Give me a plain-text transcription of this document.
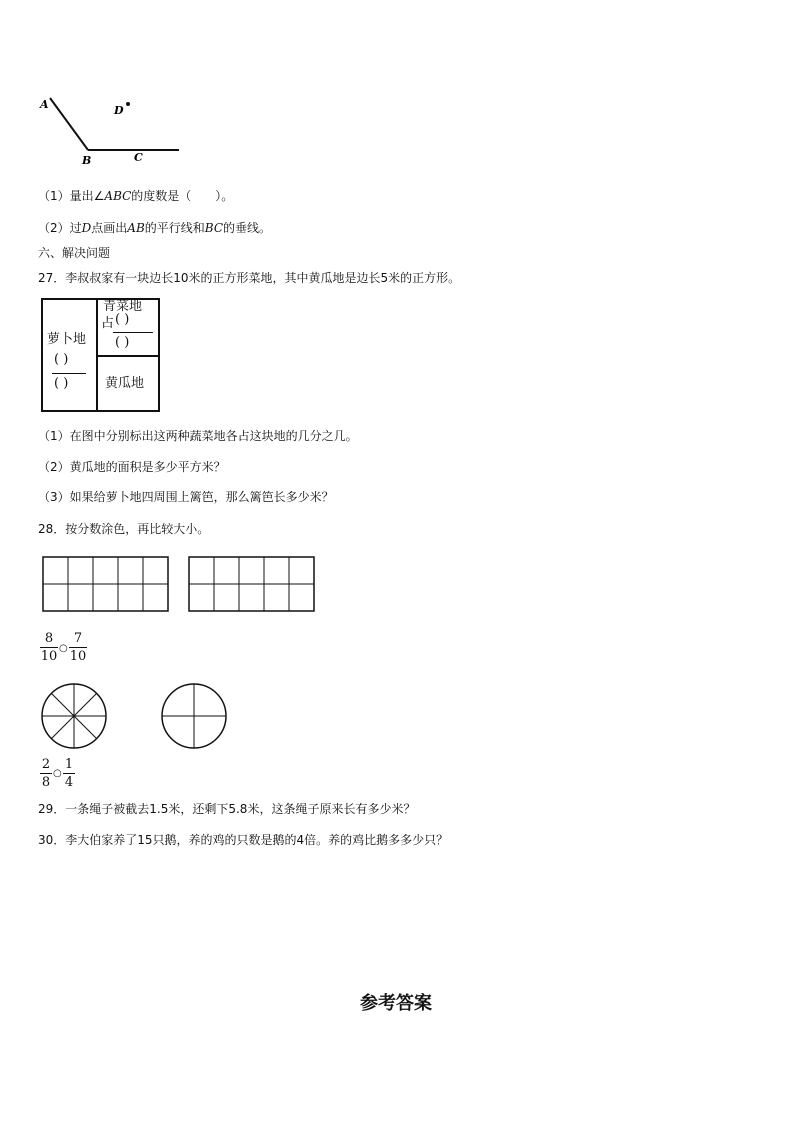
A	D
B	C
（1）量出∠ABC的度数是（　　）。
（2）过D点画出AB的平行线和BC的垂线。
六、解决问题
27．李叔叔家有一块边长10米的正方形菜地，其中黄瓜地是边长5米的正方形。
萝卜地
( )
( )
青菜地
占 ( )
( )
黄瓜地
（1）在图中分别标出这两种蔬菜地各占这块地的几分之几。
（2）黄瓜地的面积是多少平方米？
（3）如果给萝卜地四周围上篱笆，那么篱笆长多少米？
28．按分数涂色，再比较大小。
8
10
○
7
10
2
8
○
1
4
29．一条绳子被截去1.5米，还剩下5.8米，这条绳子原来长有多少米？
30．李大伯家养了15只鹅，养的鸡的只数是鹅的4倍。养的鸡比鹅多多少只？
参考答案
